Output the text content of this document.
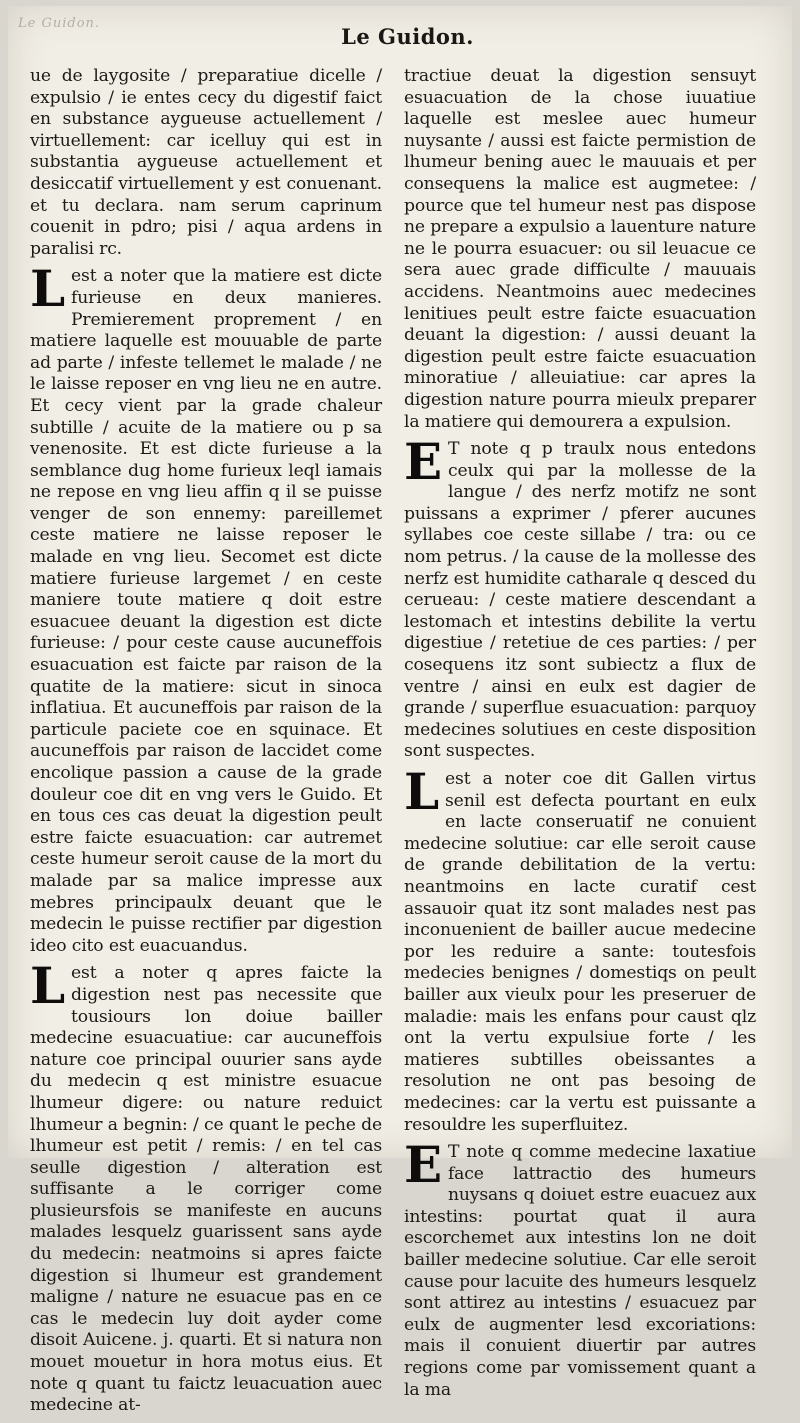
Le Guidon.
Le Guidon.

ue de laygosite / preparatiue dicelle / expulsio / ie entes cecy du digestif faict en substance aygueuse actuellement / virtuellement: car icelluy qui est in substantia aygueuse actuellement et desiccatif virtuellement y est conuenant. et tu declara. nam serum caprinum couenit in pdro; pisi / aqua ardens in paralisi rc.

Lest a noter que la matiere est dicte furieuse en deux manieres. Premierement proprement / en matiere laquelle est mouuable de parte ad parte / infeste tellemet le malade / ne le laisse reposer en vng lieu ne en autre. Et cecy vient par la grade chaleur subtille / acuite de la matiere ou p sa venenosite. Et est dicte furieuse a la semblance dug home furieux leql iamais ne repose en vng lieu affin q il se puisse venger de son ennemy: pareillemet ceste matiere ne laisse reposer le malade en vng lieu. Secomet est dicte matiere furieuse largemet / en ceste maniere toute matiere q doit estre esuacuee deuant la digestion est dicte furieuse: / pour ceste cause aucuneffois esuacuation est faicte par raison de la quatite de la matiere: sicut in sinoca inflatiua. Et aucuneffois par raison de la particule paciete coe en squinace. Et aucuneffois par raison de laccidet come encolique passion a cause de la grade douleur coe dit en vng vers le Guido. Et en tous ces cas deuat la digestion peult estre faicte esuacuation: car autremet ceste humeur seroit cause de la mort du malade par sa malice impresse aux mebres principaulx deuant que le medecin le puisse rectifier par digestion ideo cito est euacuandus.

Lest a noter q apres faicte la digestion nest pas necessite que tousiours lon doiue bailler medecine esuacuatiue: car aucuneffois nature coe principal ouurier sans ayde du medecin q est ministre esuacue lhumeur digere: ou nature reduict lhumeur a begnin: / ce quant le peche de lhumeur est petit / remis: / en tel cas seulle digestion / alteration est suffisante a le corriger come plusieursfois se manifeste en aucuns malades lesquelz guarissent sans ayde du medecin: neatmoins si apres faicte digestion si lhumeur est grandement maligne / nature ne esuacue pas en ce cas le medecin luy doit ayder come disoit Auicene. j. quarti. Et si natura non mouet mouetur in hora motus eius. Et note q quant tu faictz leuacuation auec medecine at-

tractiue deuat la digestion sensuyt esuacuation de la chose iuuatiue laquelle est meslee auec humeur nuysante / aussi est faicte permistion de lhumeur bening auec le mauuais et per consequens la malice est augmetee: / pource que tel humeur nest pas dispose ne prepare a expulsio a lauenture nature ne le pourra esuacuer: ou sil leuacue ce sera auec grade difficulte / mauuais accidens. Neantmoins auec medecines lenitiues peult estre faicte esuacuation deuant la digestion: / aussi deuant la digestion peult estre faicte esuacuation minoratiue / alleuiatiue: car apres la digestion nature pourra mieulx preparer la matiere qui demourera a expulsion.

E T note q p traulx nous entedons ceulx qui par la mollesse de la langue / des nerfz motifz ne sont puissans a exprimer / pferer aucunes syllabes coe ceste sillabe / tra: ou ce nom petrus. / la cause de la mollesse des nerfz est humidite catharale q desced du cerueau: / ceste matiere descendant a lestomach et intestins debilite la vertu digestiue / retetiue de ces parties: / per cosequens itz sont subiectz a flux de ventre / ainsi en eulx est dagier de grande / superflue esuacuation: parquoy medecines solutiues en ceste disposition sont suspectes.

Lest a noter coe dit Gallen virtus senil est defecta pourtant en eulx en lacte conseruatif ne conuient medecine solutiue: car elle seroit cause de grande debilitation de la vertu: neantmoins en lacte curatif cest assauoir quat itz sont malades nest pas inconuenient de bailler aucue medecine por les reduire a sante: toutesfois medecies benignes / domestiqs on peult bailler aux vieulx pour les preseruer de maladie: mais les enfans pour caust qlz ont la vertu expulsiue forte / les matieres subtilles obeissantes a resolution ne ont pas besoing de medecines: car la vertu est puissante a resouldre les superfluitez.

E T note q comme medecine laxatiue face lattractio des humeurs nuysans q doiuet estre euacuez aux intestins: pourtat quat il aura escorchemet aux intestins lon ne doit bailler medecine solutiue. Car elle seroit cause pour lacuite des humeurs lesquelz sont attirez au intestins / esuacuez par eulx de augmenter lesd excoriations: mais il conuient diuertir par autres regions come par vomissement quant a la ma
